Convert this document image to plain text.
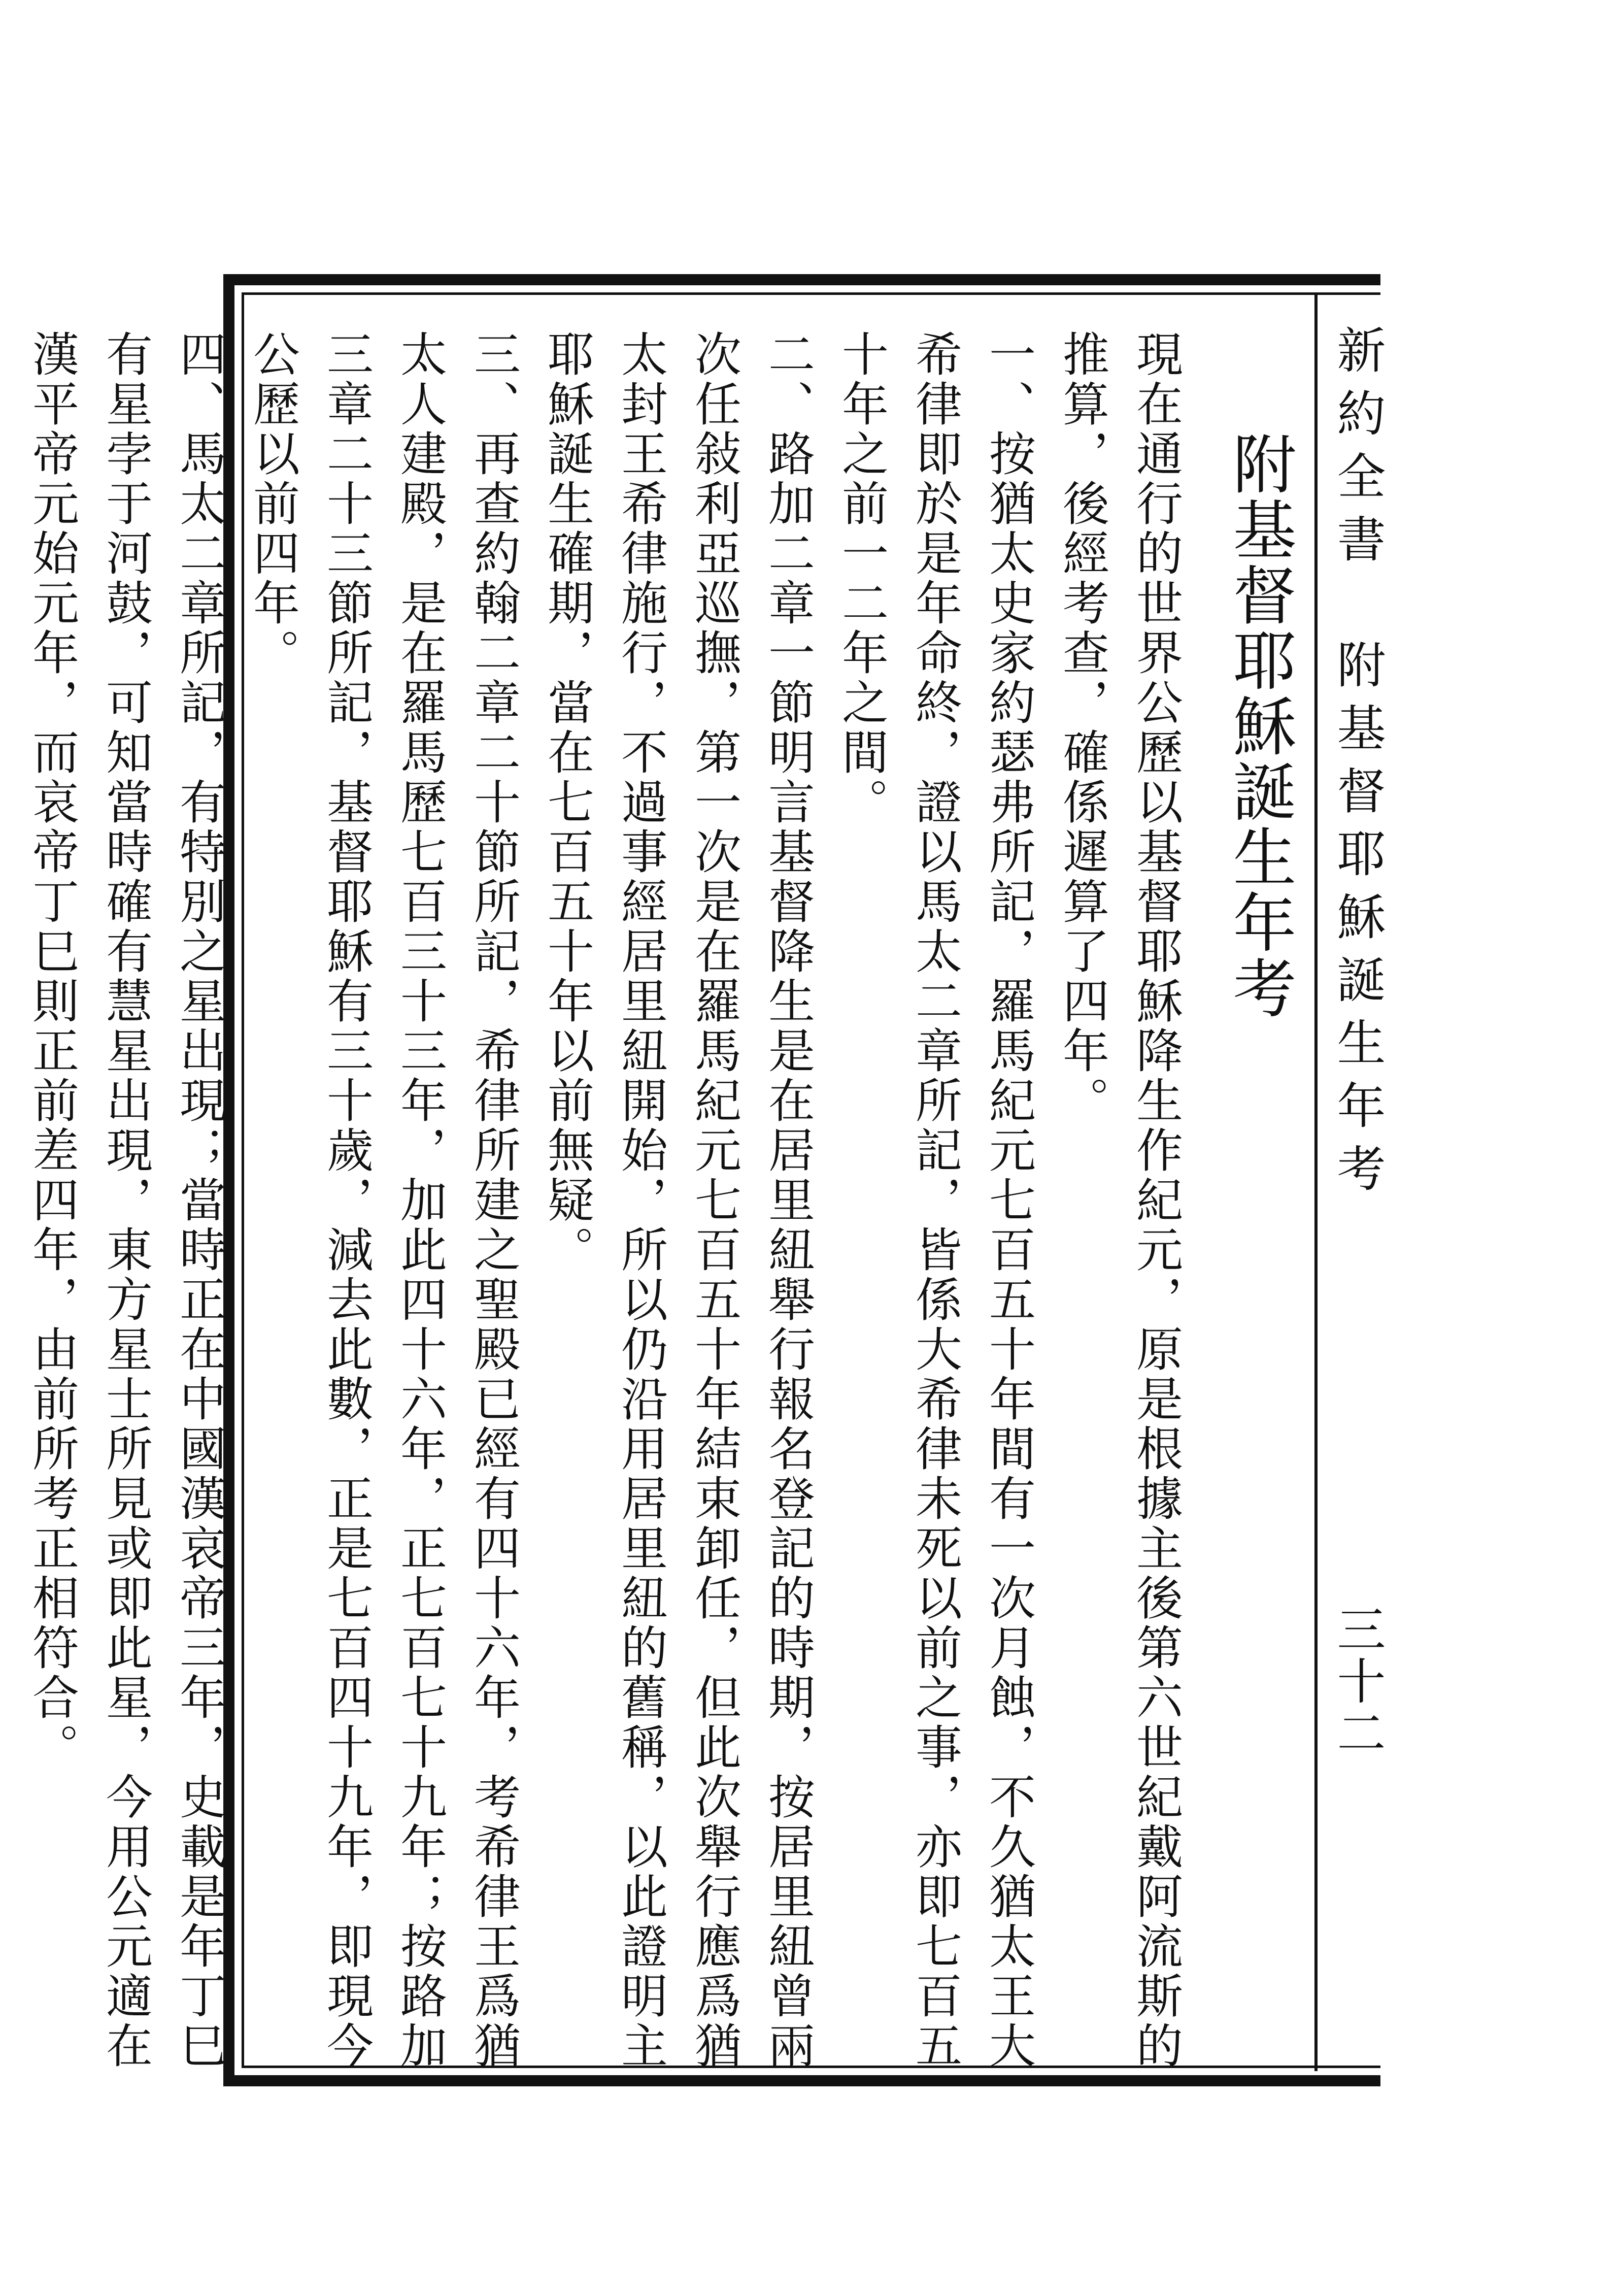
新約全書　附基督耶穌誕生年考
三十二
附基督耶穌誕生年考

現在通行的世界公歷以基督耶穌降生作紀元，原是根據主後第六世紀戴阿流斯的推算，後經考查，確係遲算了四年。

一、按猶太史家約瑟弗所記，羅馬紀元七百五十年間有一次月蝕，不久猶太王大希律即於是年命終，證以馬太二章所記，皆係大希律未死以前之事，亦即七百五十年之前一二年之間。

二、路加二章一節明言基督降生是在居里紐舉行報名登記的時期，按居里紐曾兩次任敍利亞巡撫，第一次是在羅馬紀元七百五十年結束卸任，但此次舉行應爲猶太封王希律施行，不過事經居里紐開始，所以仍沿用居里紐的舊稱，以此證明主耶穌誕生確期，當在七百五十年以前無疑。

三、再查約翰二章二十節所記，希律所建之聖殿已經有四十六年，考希律王爲猶太人建殿，是在羅馬歷七百三十三年，加此四十六年，正七百七十九年；按路加三章二十三節所記，基督耶穌有三十歲，減去此數，正是七百四十九年，即現今公歷以前四年。

四、馬太二章所記，有特別之星出現；當時正在中國漢哀帝三年，史載是年丁巳有星孛于河鼓，可知當時確有慧星出現，東方星士所見或即此星，今用公元適在漢平帝元始元年，而哀帝丁巳則正前差四年，由前所考正相符合。
